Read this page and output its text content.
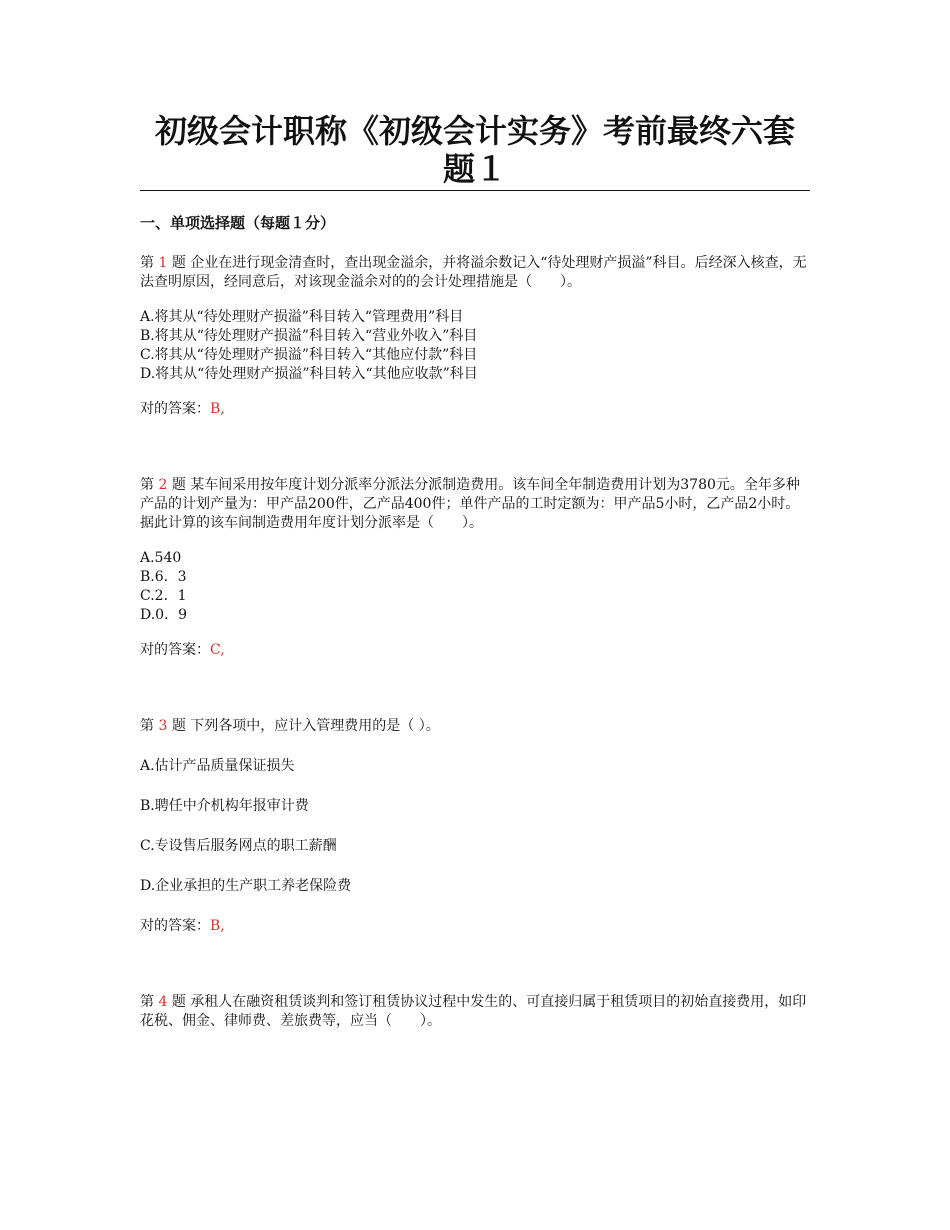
初级会计职称《初级会计实务》考前最终六套
题１
一、单项选择题（每题１分）

第 1 题 企业在进行现金清查时，查出现金溢余，并将溢余数记入“待处理财产损溢”科目。后经深入核查，无法查明原因，经同意后，对该现金溢余对的的会计处理措施是（　　）。

A.将其从“待处理财产损溢”科目转入“管理费用”科目
B.将其从“待处理财产损溢”科目转入“营业外收入”科目
C.将其从“待处理财产损溢”科目转入“其他应付款”科目
D.将其从“待处理财产损溢”科目转入“其他应收款”科目
对的答案：B,

第 2 题 某车间采用按年度计划分派率分派法分派制造费用。该车间全年制造费用计划为3780元。全年多种产品的计划产量为：甲产品200件，乙产品400件；单件产品的工时定额为：甲产品5小时，乙产品2小时。据此计算的该车间制造费用年度计划分派率是（　　）。

A.540
B.6．3
C.2．1
D.0．9
对的答案：C,

第 3 题 下列各项中，应计入管理费用的是（ ）。

A.估计产品质量保证损失
B.聘任中介机构年报审计费
C.专设售后服务网点的职工薪酬
D.企业承担的生产职工养老保险费
对的答案：B,

第 4 题 承租人在融资租赁谈判和签订租赁协议过程中发生的、可直接归属于租赁项目的初始直接费用，如印花税、佣金、律师费、差旅费等，应当（　　）。
